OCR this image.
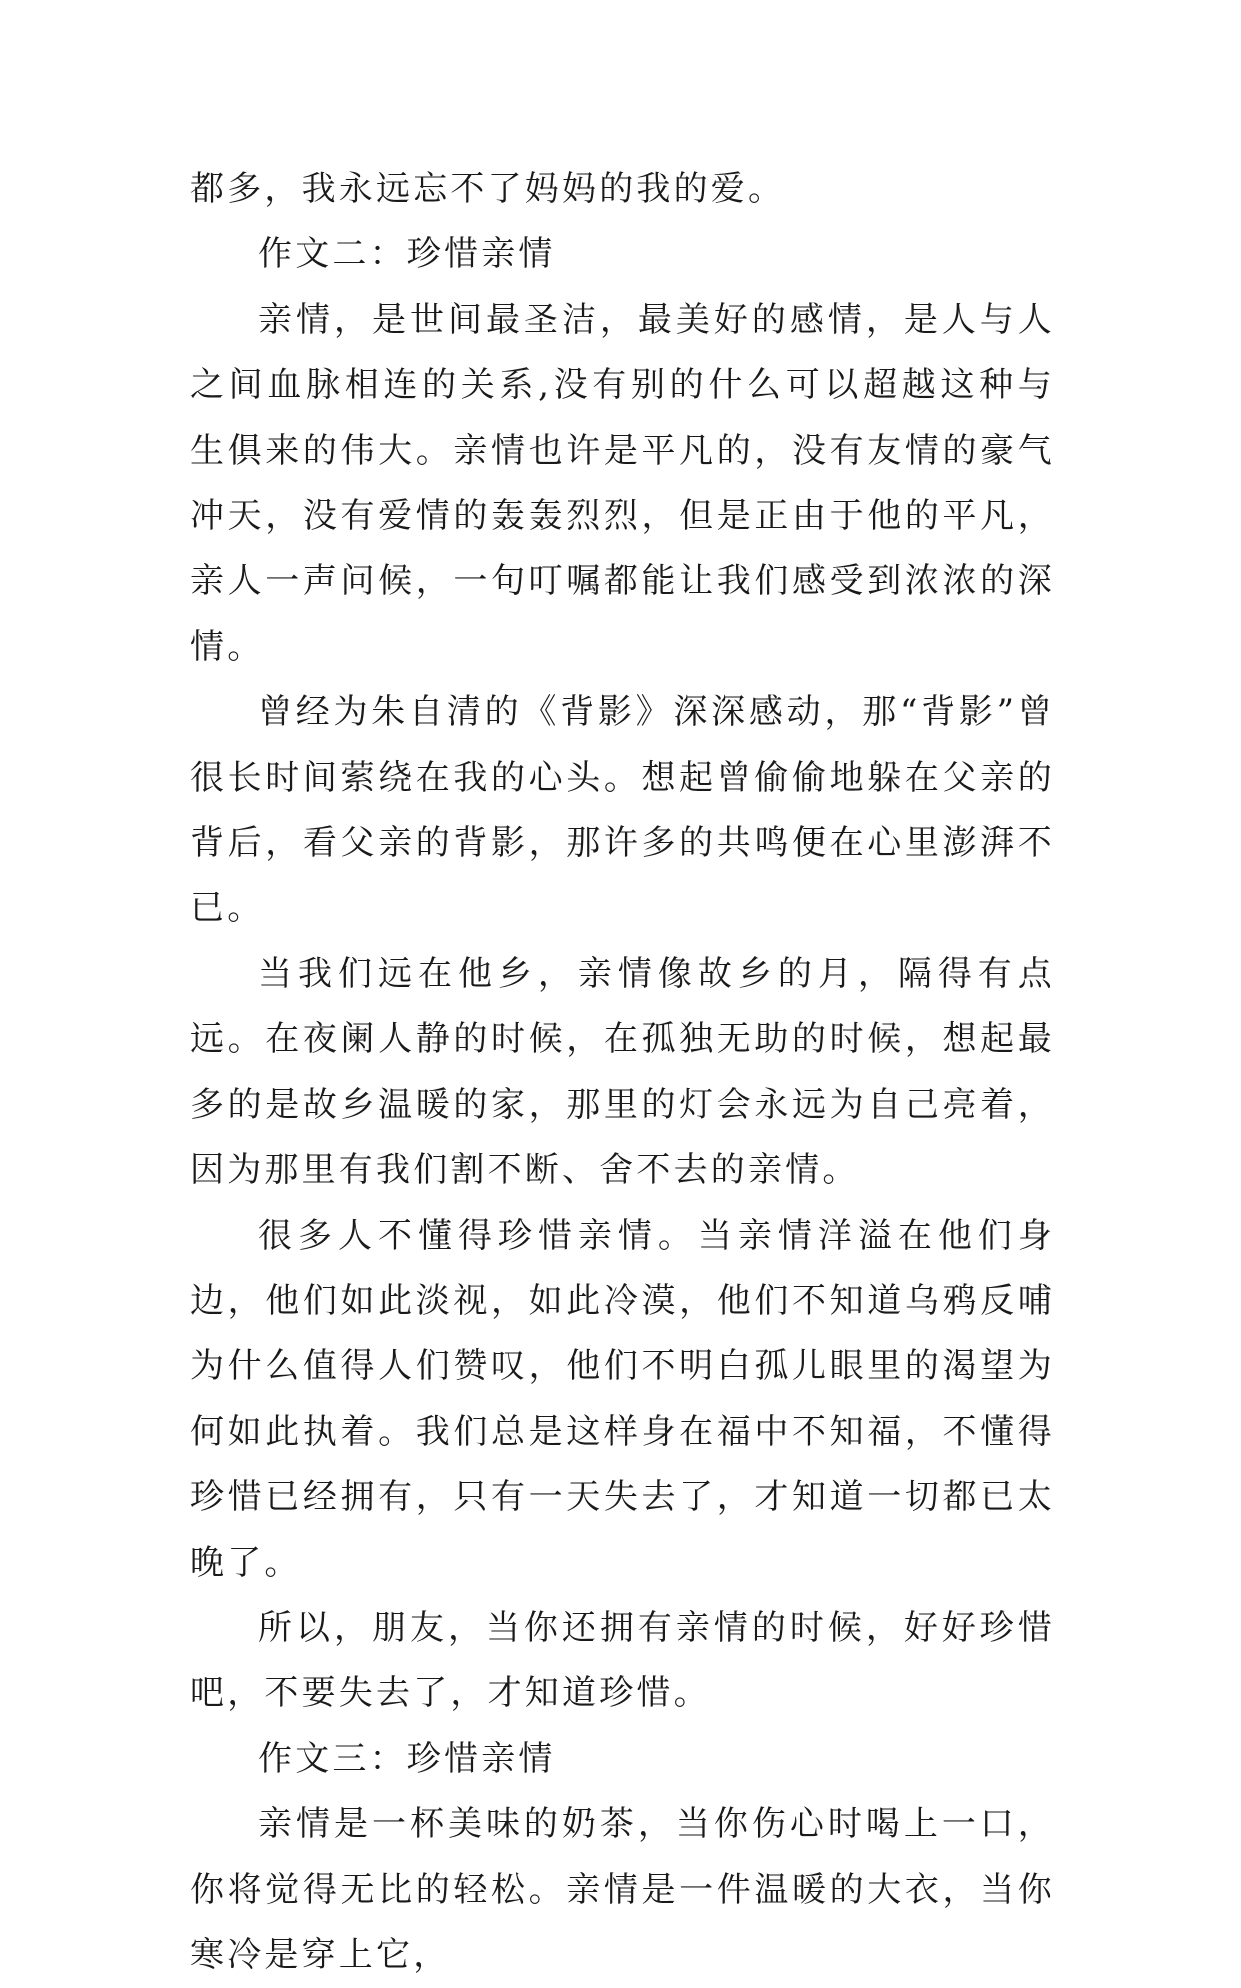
都多，我永远忘不了妈妈的我的爱。

作文二：珍惜亲情

亲情，是世间最圣洁，最美好的感情，是人与人之间血脉相连的关系,没有别的什么可以超越这种与生俱来的伟大。亲情也许是平凡的，没有友情的豪气冲天，没有爱情的轰轰烈烈，但是正由于他的平凡，亲人一声问候，一句叮嘱都能让我们感受到浓浓的深情。

曾经为朱自清的《背影》深深感动，那“背影”曾很长时间萦绕在我的心头。想起曾偷偷地躲在父亲的背后，看父亲的背影，那许多的共鸣便在心里澎湃不已。

当我们远在他乡，亲情像故乡的月，隔得有点远。在夜阑人静的时候，在孤独无助的时候，想起最多的是故乡温暖的家，那里的灯会永远为自己亮着，因为那里有我们割不断、舍不去的亲情。

很多人不懂得珍惜亲情。当亲情洋溢在他们身边，他们如此淡视，如此冷漠，他们不知道乌鸦反哺为什么值得人们赞叹，他们不明白孤儿眼里的渴望为何如此执着。我们总是这样身在福中不知福，不懂得珍惜已经拥有，只有一天失去了，才知道一切都已太晚了。

所以，朋友，当你还拥有亲情的时候，好好珍惜吧，不要失去了，才知道珍惜。

作文三：珍惜亲情

亲情是一杯美味的奶茶，当你伤心时喝上一口，你将觉得无比的轻松。亲情是一件温暖的大衣，当你寒冷是穿上它，
